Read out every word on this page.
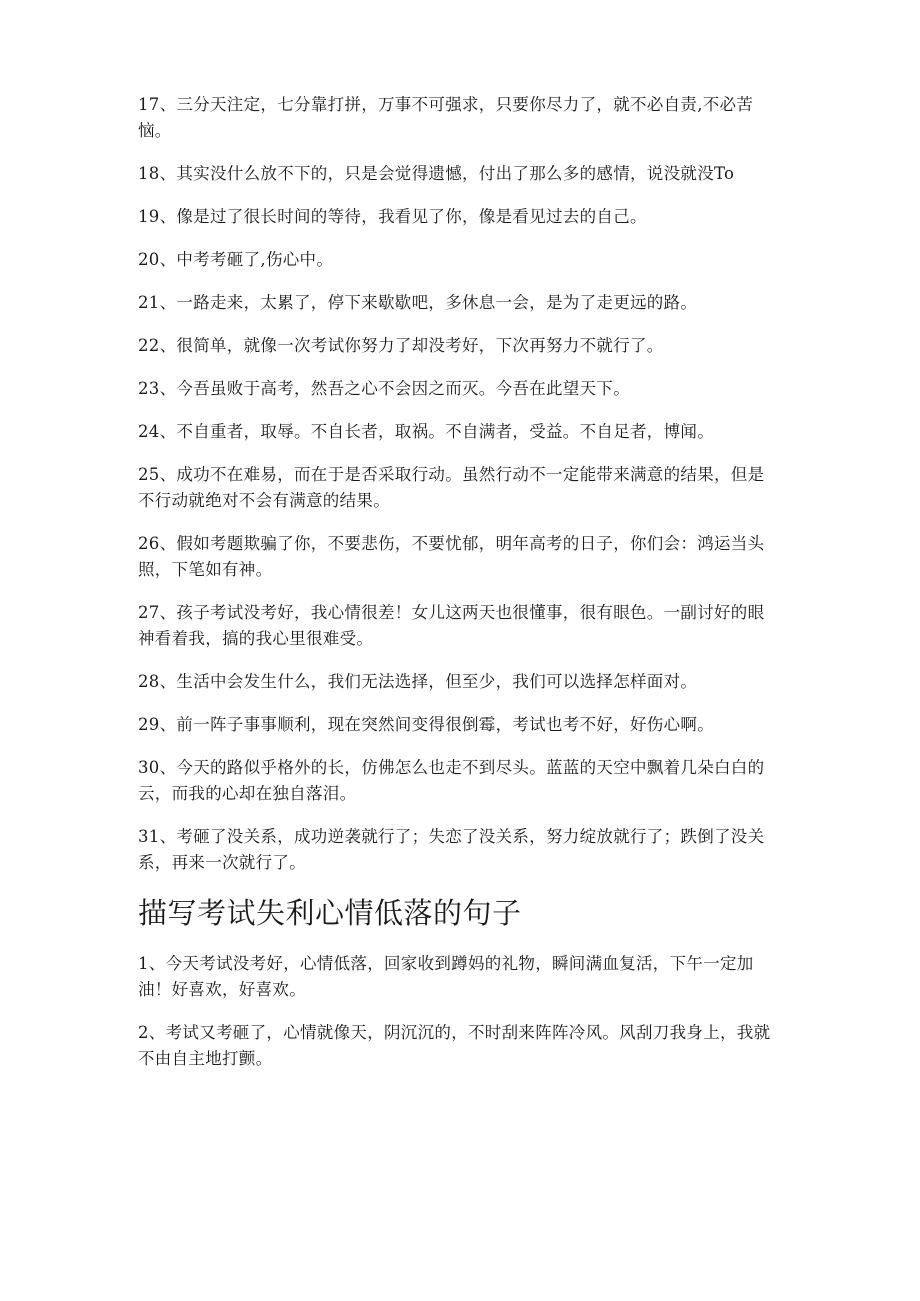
17、三分天注定，七分靠打拼，万事不可强求，只要你尽力了，就不必自责,不必苦恼。

18、其实没什么放不下的，只是会觉得遗憾，付出了那么多的感情，说没就没To

19、像是过了很长时间的等待，我看见了你，像是看见过去的自己。

20、中考考砸了,伤心中。

21、一路走来，太累了，停下来歇歇吧，多休息一会，是为了走更远的路。

22、很简单，就像一次考试你努力了却没考好，下次再努力不就行了。

23、今吾虽败于高考，然吾之心不会因之而灭。今吾在此望天下。

24、不自重者，取辱。不自长者，取祸。不自满者，受益。不自足者，博闻。

25、成功不在难易，而在于是否采取行动。虽然行动不一定能带来满意的结果，但是不行动就绝对不会有满意的结果。

26、假如考题欺骗了你，不要悲伤，不要忧郁，明年高考的日子，你们会：鸿运当头照，下笔如有神。

27、孩子考试没考好，我心情很差！女儿这两天也很懂事，很有眼色。一副讨好的眼神看着我，搞的我心里很难受。

28、生活中会发生什么，我们无法选择，但至少，我们可以选择怎样面对。

29、前一阵子事事顺利，现在突然间变得很倒霉，考试也考不好，好伤心啊。

30、今天的路似乎格外的长，仿佛怎么也走不到尽头。蓝蓝的天空中飘着几朵白白的云，而我的心却在独自落泪。

31、考砸了没关系，成功逆袭就行了；失恋了没关系，努力绽放就行了；跌倒了没关系，再来一次就行了。

描写考试失利心情低落的句子

1、今天考试没考好，心情低落，回家收到蹲妈的礼物，瞬间满血复活，下午一定加油！好喜欢，好喜欢。

2、考试又考砸了，心情就像天，阴沉沉的，不时刮来阵阵冷风。风刮刀我身上，我就不由自主地打颤。
